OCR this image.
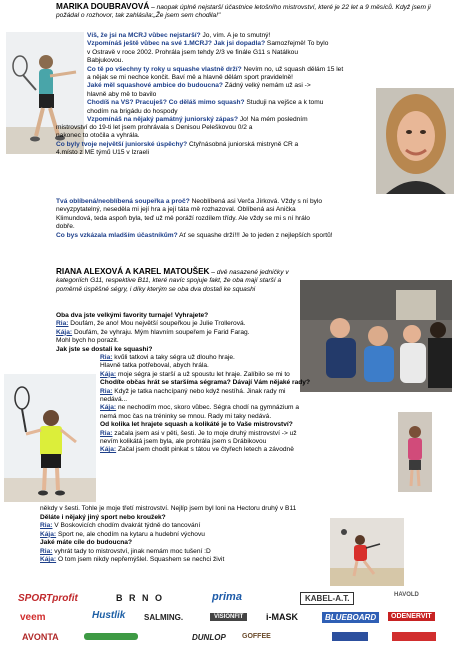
MARIKA DOUBRAVOVÁ – naopak úplně nejstarší účastnice letošního mistrovství, které je 22 let a 9 měsíců. Když jsem ji požádal o rozhovor, tak zahlásila:„Že jsem sem chodila!"
Víš, že jsi na MČRJ vůbec nejstarší? Jo, vím. A je to smutný!
Vzpomínáš ještě vůbec na své 1.MČRJ? Jak jsi dopadla? Samozřejmě! To bylo
v Ostravě v roce 2002. Prohrála jsem tehdy 2/3 ve finále G11 s Natálkou
Babjukovou.
Co tě po všechny ty roky u squashe vlastně drží? Nevím no, už squash dělám 15 let
a nějak se mi nechce končit. Baví mě a hlavně dělám sport pravidelně!
Jaké měl squashové ambice do budoucna? Žádný velký nemám už asi ->
hlavně aby mě to bavilo
Chodíš na VŠ? Pracuješ? Co děláš mimo squash? Studuji na vejšce a k tomu
chodím na brigádu do hospody
Vzpomínáš na nějaký památný juniorský zápas? Jo! Na mém posledním
mistrovství do 19-ti let jsem prohrávala s Denisou Peleškovou 0/2 a
nakonec to otočila a vyhrála.
Co byly tvoje největší juniorské úspěchy? Čtyřnásobná juniorská mistryně ČR a
4.místo z ME týmů U15 v Izraeli
Tvá oblíbená/neoblíbená soupeřka a proč? Neoblíbená asi Verča Jírková. Vždy s ní bylo
nevyzpytatelný, neseděla mi její hra a její táta mě rozhazoval. Oblíbená asi Anička
Klimundová, teda aspoň byla, teď už mě poráží rozdílem třídy. Ale vždy se mi s ní hrálo
dobře.
Co bys vzkázala mladším účastníkům? Ať se squashe drží!!! Je to jeden z nejlepších sportů!
RIANA ALEXOVÁ A KAREL MATOUŠEK – dvě nasazené jedničky v kategoriích G11, respektive B11, které navíc spojuje fakt, že oba mají starší a poměrně úspěšné ségry, i díky kterým se oba dva dostali ke squashi
Oba dva jste velkými favority turnaje! Vyhrajete?
Ria: Doufám, že ano! Mou největší soupeřkou je Julie Trollerová.
Kája: Doufám, že vyhraju. Mým hlavním soupeřem je Farid Farag.
Mohl bych ho porazit.
Jak jste se dostali ke squashi?
Ria: kvůli tatkovi a taky ségra už dlouho hraje.
Hlavně tatka potřeboval, abych hrála.
Kája: moje ségra je starší a už spoustu let hraje. Zalíbilo se mi to
Chodíte občas hrát se staršíma ségrama? Dávají Vám nějaké rady?
Ria: Když je tatka nachcípaný nebo když nestíhá. Jinak rady mi
nedává...
Kája: ne nechodím moc, skoro vůbec. Ségra chodí na gymnázium a
nemá moc čas na tréninky se mnou. Rady mi taky nedává.
Od kolika let hrajete squash a kolikáté je to Vaše mistrovství?
Ria: začala jsem asi v pěti, šesti. Je to moje druhý mistrovství -> už
nevím kolikátá jsem byla, ale prohrála jsem s Drábikovou
Kája: Začal jsem chodit pinkat s tátou ve čtyřech letech a závodně
někdy v šesti. Tohle je moje třetí mistrovství. Nejlíp jsem byl loni na Hectoru druhý v B11
Děláte i nějaký jiný sport nebo kroužek?
Ria: V Boskovicích chodím dvakrát týdně do tancování
Kája: Sport ne, ale chodím na kytaru a hudební výchovu
Jaké máte cíle do budoucna?
Ria: vyhrát tady to mistrovství, jinak nemám moc tušení :D
Kája: O tom jsem nikdy nepřemýšlel. Squashem se nechci živit
SPORTprofit	B R N O	prima	KABEL-A.T.	HAVOLD
veem	Hustlik SALMING.	VISIONFIT	i-MASK	BLUEBOARD	ODENERVIT
AVONTA	DUNLOP GOFFEE
